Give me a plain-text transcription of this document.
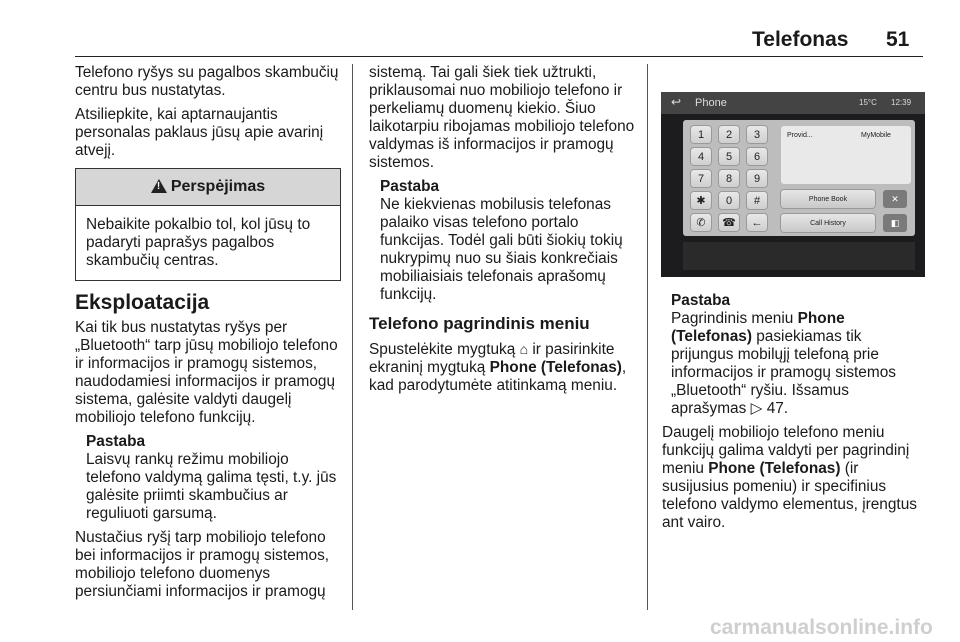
Telefonas 51

Telefono ryšys su pagalbos skambučių centru bus nustatytas.

Atsiliepkite, kai aptarnaujantis personalas paklaus jūsų apie avarinį atvejį.

!
Perspėjimas
Nebaikite pokalbio tol, kol jūsų to padaryti paprašys pagalbos skambučių centras.
Eksploatacija

Kai tik bus nustatytas ryšys per „Bluetooth“ tarp jūsų mobiliojo telefono ir informacijos ir pramogų sistemos, naudodamiesi informacijos ir pramogų sistema, galėsite valdyti daugelį mobiliojo telefono funkcijų.

Pastaba
Laisvų rankų režimu mobiliojo telefono valdymą galima tęsti, t.y. jūs galėsite priimti skambučius ar reguliuoti garsumą.

Nustačius ryšį tarp mobiliojo telefono bei informacijos ir pramogų sistemos, mobiliojo telefono duomenys persiunčiami informacijos ir pramogų

sistemą. Tai gali šiek tiek užtrukti, priklausomai nuo mobiliojo telefono ir perkeliamų duomenų kiekio. Šiuo laikotarpiu ribojamas mobiliojo telefono valdymas iš informacijos ir pramogų sistemos.

Pastaba
Ne kiekvienas mobilusis telefonas palaiko visas telefono portalo funkcijas. Todėl gali būti šiokių tokių nukrypimų nuo su šiais konkrečiais mobiliaisiais telefonais aprašomų funkcijų.

Telefono pagrindinis meniu

Spustelėkite mygtuką ⌂ ir pasirinkite ekraninį mygtuką Phone (Telefonas), kad parodytumėte atitinkamą meniu.

↩ Phone	15°C 12:39
1	2	3
4	5	6
7	8	9
✱	0	#
✆	☎	←
Provid...	MyMobile
Phone Book	✕
Call History	◧

Pastaba
Pagrindinis meniu Phone (Telefonas) pasiekiamas tik prijungus mobilųjį telefoną prie informacijos ir pramogų sistemos „Bluetooth“ ryšiu. Išsamus aprašymas ▷ 47.

Daugelį mobiliojo telefono meniu funkcijų galima valdyti per pagrindinį meniu Phone (Telefonas) (ir susijusius pomeniu) ir specifinius telefono valdymo elementus, įrengtus ant vairo.

carmanualsonline.info
